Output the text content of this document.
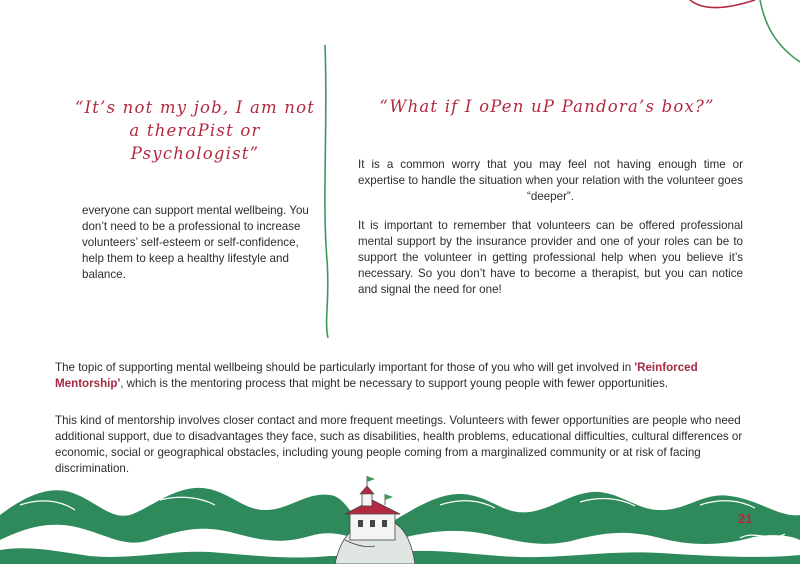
“It’s not my job, I am not a theraPist or Psychologist”

everyone can support mental wellbeing. You don’t need to be a professional to increase volunteers’ self-esteem or self-confidence, help them to keep a healthy lifestyle and balance.

“What if I oPen uP Pandora’s box?”

It is a common worry that you may feel not having enough time or expertise to handle the situation when your relation with the volunteer goes “deeper”.

It is important to remember that volunteers can be offered professional mental support by the insurance provider and one of your roles can be to support the volunteer in getting professional help when you believe it’s necessary. So you don’t have to become a therapist, but you can notice and signal the need for one!

The topic of supporting mental wellbeing should be particularly important for those of you who will get involved in 'Reinforced Mentorship', which is the mentoring process that might be necessary to support young people with fewer opportunities.

This kind of mentorship involves closer contact and more frequent meetings. Volunteers with fewer opportunities are people who need additional support, due to disadvantages they face, such as disabilities, health problems, educational difficulties, cultural differences or economic, social or geographical obstacles, including young people coming from a marginalized community or at risk of facing discrimination.

21
